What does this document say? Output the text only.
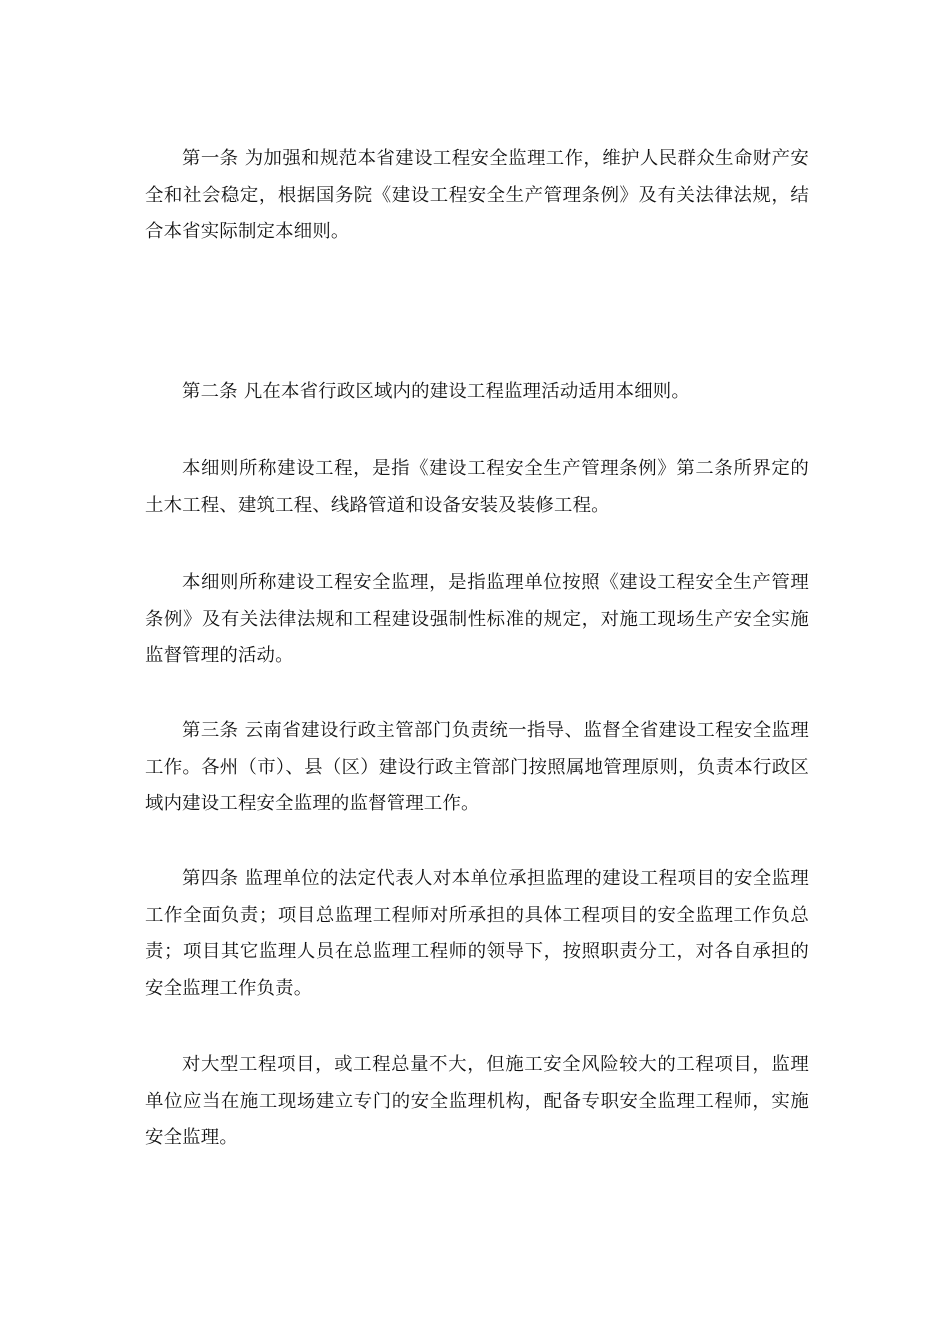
第一条 为加强和规范本省建设工程安全监理工作，维护人民群众生命财产安全和社会稳定，根据国务院《建设工程安全生产管理条例》及有关法律法规，结合本省实际制定本细则。

第二条 凡在本省行政区域内的建设工程监理活动适用本细则。

本细则所称建设工程，是指《建设工程安全生产管理条例》第二条所界定的土木工程、建筑工程、线路管道和设备安装及装修工程。

本细则所称建设工程安全监理，是指监理单位按照《建设工程安全生产管理条例》及有关法律法规和工程建设强制性标准的规定，对施工现场生产安全实施监督管理的活动。

第三条 云南省建设行政主管部门负责统一指导、监督全省建设工程安全监理工作。各州（市）、县（区）建设行政主管部门按照属地管理原则，负责本行政区域内建设工程安全监理的监督管理工作。

第四条 监理单位的法定代表人对本单位承担监理的建设工程项目的安全监理工作全面负责；项目总监理工程师对所承担的具体工程项目的安全监理工作负总责；项目其它监理人员在总监理工程师的领导下，按照职责分工，对各自承担的安全监理工作负责。

对大型工程项目，或工程总量不大，但施工安全风险较大的工程项目，监理单位应当在施工现场建立专门的安全监理机构，配备专职安全监理工程师，实施安全监理。
